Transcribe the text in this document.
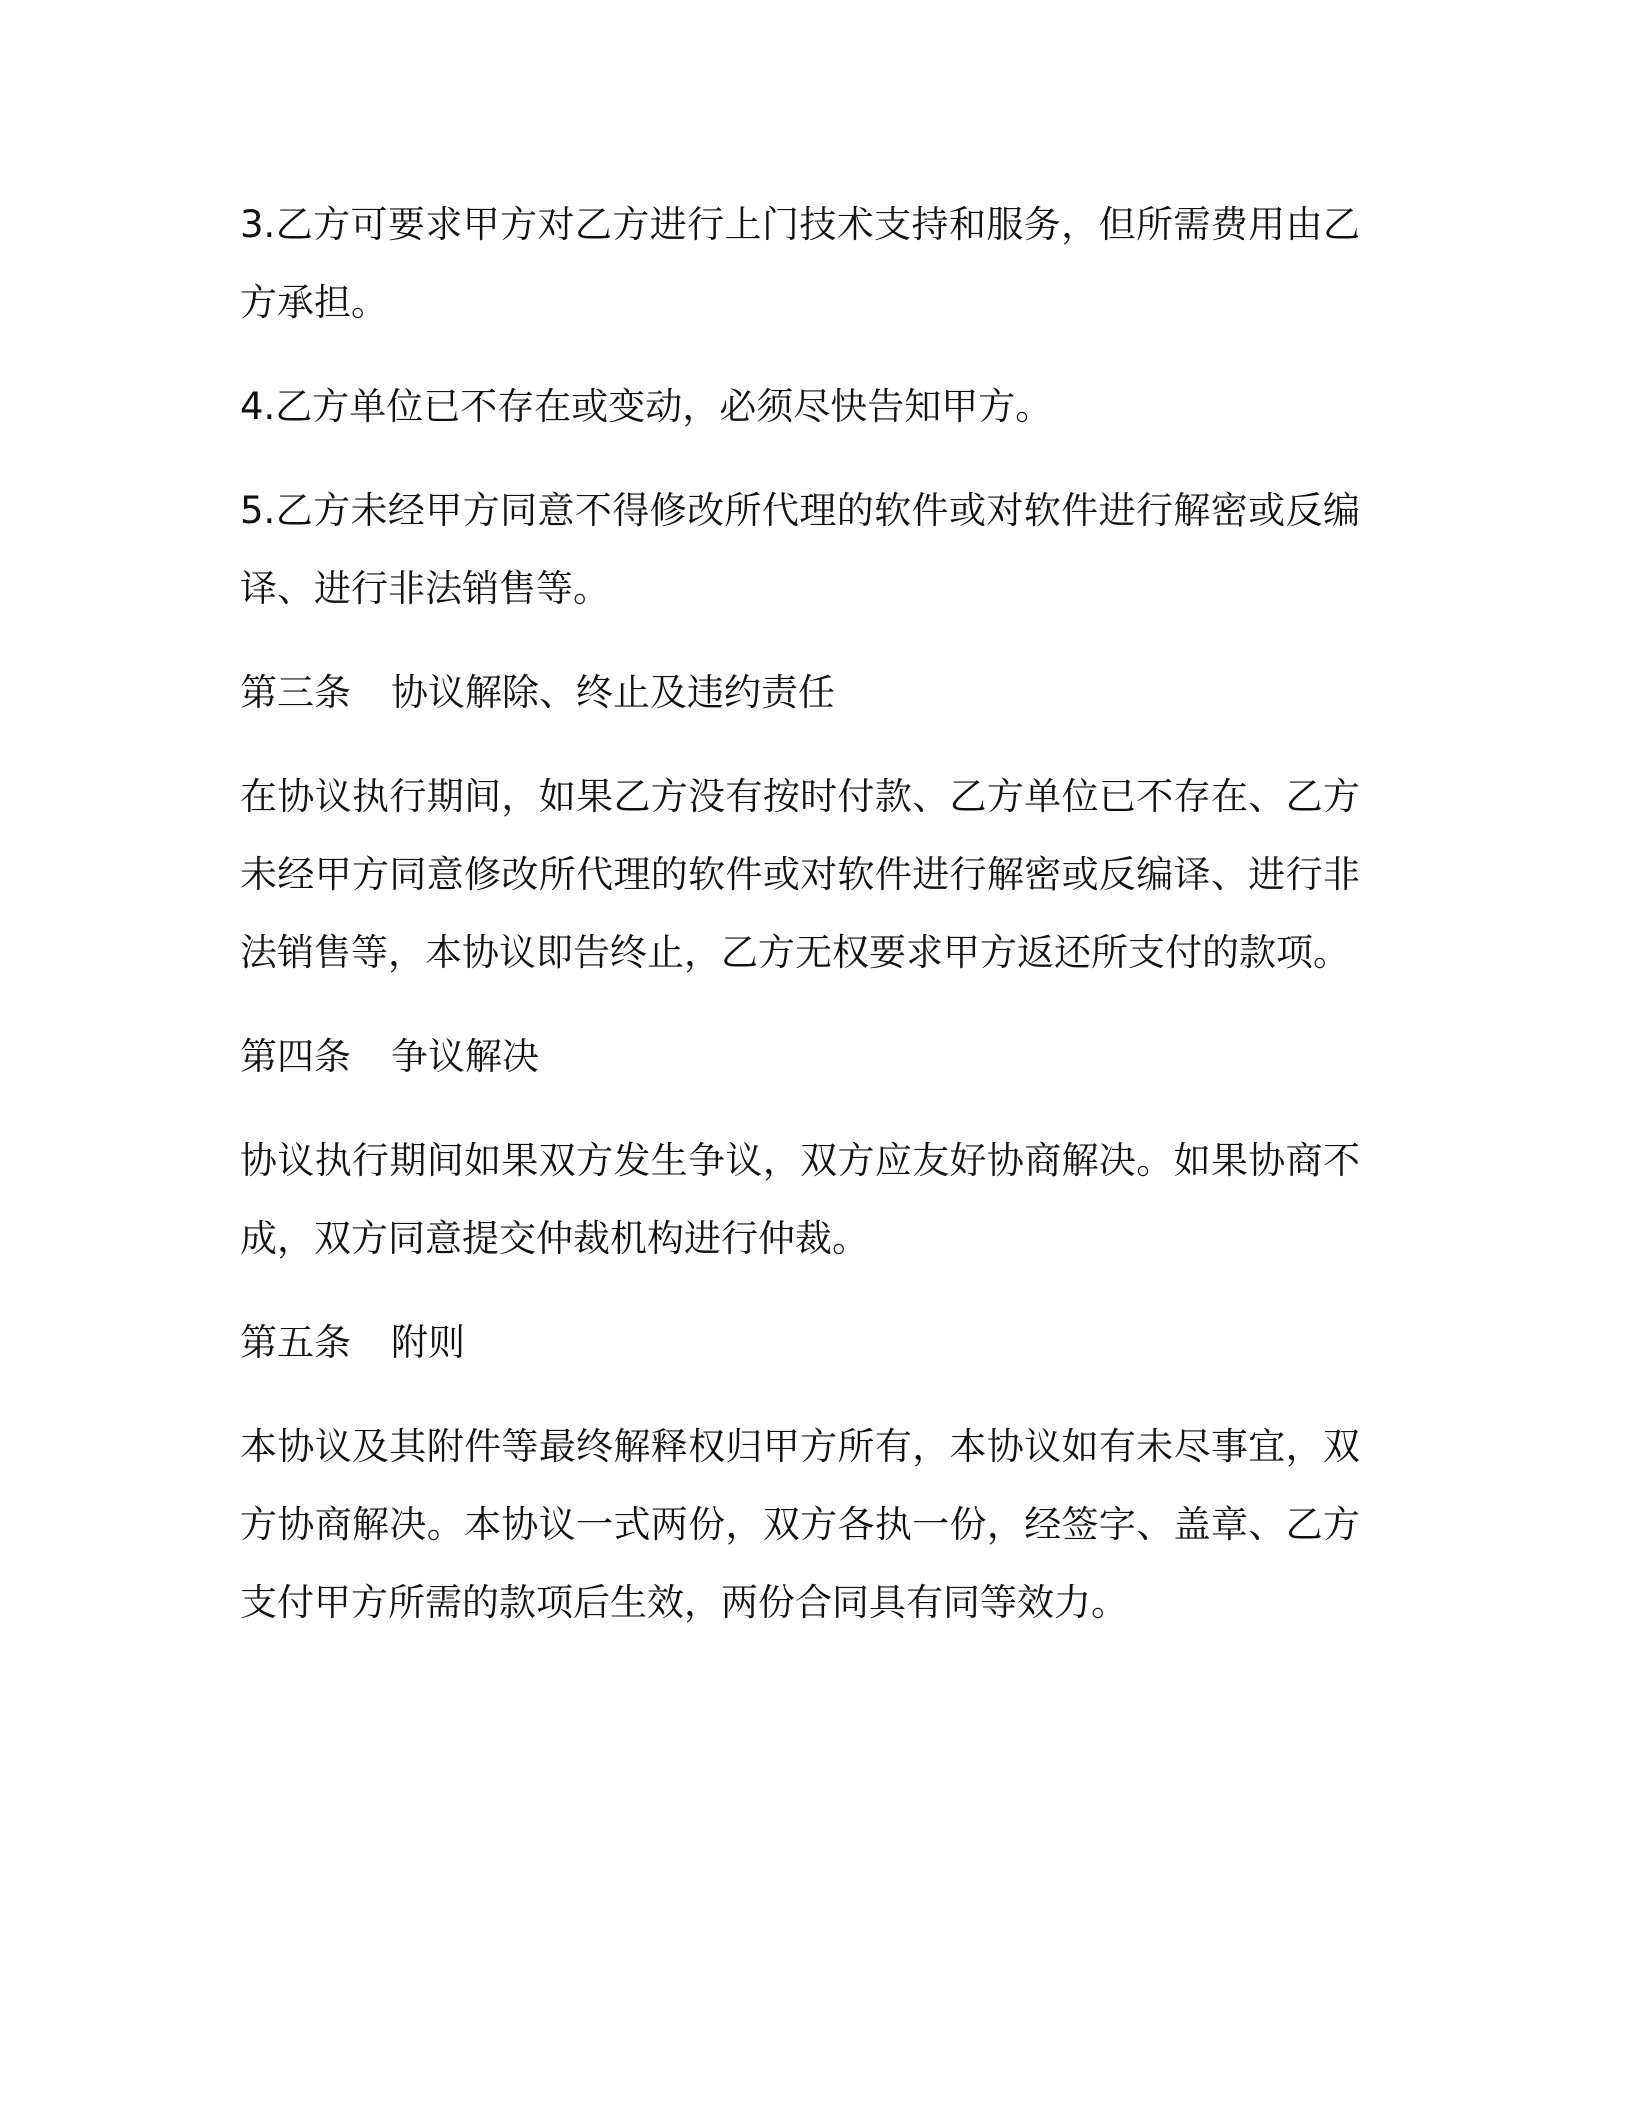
3.乙方可要求甲方对乙方进行上门技术支持和服务，但所需费用由乙方承担。

4.乙方单位已不存在或变动，必须尽快告知甲方。

5.乙方未经甲方同意不得修改所代理的软件或对软件进行解密或反编译、进行非法销售等。

第三条 协议解除、终止及违约责任

在协议执行期间，如果乙方没有按时付款、乙方单位已不存在、乙方未经甲方同意修改所代理的软件或对软件进行解密或反编译、进行非法销售等，本协议即告终止，乙方无权要求甲方返还所支付的款项。

第四条 争议解决

协议执行期间如果双方发生争议，双方应友好协商解决。如果协商不成，双方同意提交仲裁机构进行仲裁。

第五条 附则

本协议及其附件等最终解释权归甲方所有，本协议如有未尽事宜，双方协商解决。本协议一式两份，双方各执一份，经签字、盖章、乙方支付甲方所需的款项后生效，两份合同具有同等效力。
